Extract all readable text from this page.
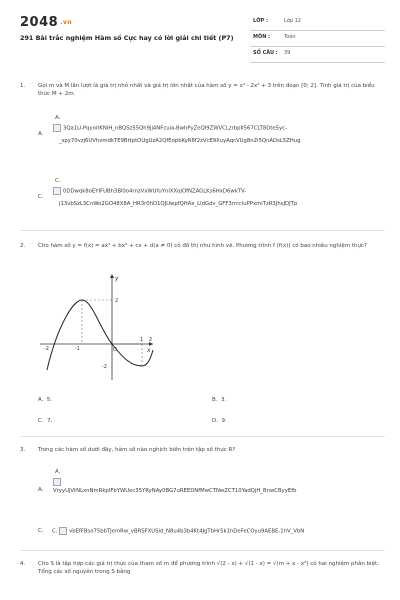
2048 .vn
291 Bài trắc nghiệm Hàm số Cực hay có lời giải chi tiết (P7)
LỚP :	Lớp 12
MÔN :	Toán
SỐ CÂU : 39
1. Gọi m và M lần lượt là giá trị nhỏ nhất và giá trị lớn nhất của hàm số y = x⁴ - 2x² + 3 trên đoạn [0; 2]. Tính giá trị của biểu thức M + 2m.
A.
A.
3Qa1U-PqyoitKNIH_nBQSz55Qh9jj4NFcuia-BwhPyZeQI9ZWVCLzrbpII567CLT8Dte5yc-
_spy70vzj6UVhvmdkTE9BttptOUgUzA2QfEopbKyR8f2zVcE9XuyAqcVUg8n2i5QnADsL5ZHug
C.
C.
0DDwqk8oEYIFUBh3Bl0o4rnzVxWUfuYnIXXoJOfNZAGLKs6HxD6wkTV-
j13vbSzL3CnWo2GO48X8A_HR3r0hD1QJUwpfQHAx_LldGdv_GFF3rrccluPPxmiTzR3JhsJDJTp
2. Cho hàm số y = f(x) = ax³ + bx² + cx + d(a ≠ 0) có đồ thị như hình vẽ. Phương trình f (f(x)) có bao nhiêu nghiệm thực?
y
x
O
-2	-1
1 2
2
-2
A. 5.	B. 3.
C. 7.	D. 9.
3. Trong các hàm số dưới đây, hàm số nào nghịch biến trên tập số thực R?
A.
A. VryyUjVtNLxnNmRkpIFbYWUec35YRyNAy0BG7uREEDNfMwCTNwZCT10YadQjH_BnwCByyEfb
C. C. vbEfFBso75bbTJemRw_vBRSFXUSid_N8u4b3b4Kt4JgTbHr5k1hDeFeCOyu9AEBE-1hV_VbN
4. Cho S là tập hợp các giá trị thực của tham số m để phương trình √(2 - x) + √(1 - x) = √(m + x - x²) có hai nghiệm phân biệt. Tổng các số nguyên trong S bằng
